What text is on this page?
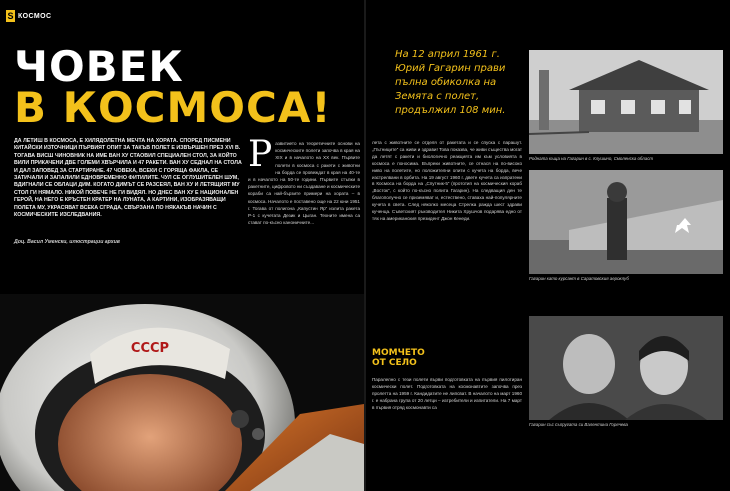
S КОСМОС
ЧОВЕК
В КОСМОСА!

ДА ЛЕТИШ В КОСМОСА, Е ХИЛЯДОЛЕТНА МЕЧТА НА ХОРАТА. СПОРЕД ПИСМЕНИ КИТАЙСКИ ИЗТОЧНИЦИ ПЪРВИЯТ ОПИТ ЗА ТАКЪВ ПОЛЕТ Е ИЗВЪРШЕН ПРЕЗ XVI В. ТОГАВА ВИСШ ЧИНОВНИК НА ИМЕ ВАН ХУ СТАОВИЛ СПЕЦИАЛЕН СТОЛ, ЗА КОЙТО ВИЛИ ПРИКАЧЕНИ ДВЕ ГОЛЕМИ ХВЪРЧИЛА И 47 РАКЕТИ. ВАН ХУ СЕДНАЛ НА СТОЛА И ДАЛ ЗАПОВЕД ЗА СТАРТИРАНЕ. 47 ЧОВЕКА, ВСЕКИ С ГОРЯЩА ФАКЛА, СЕ ЗАТИЧАЛИ И ЗАПАЛИЛИ ЕДНОВРЕМЕННО ФИТИЛИТЕ. ЧУЛ СЕ ОГЛУШИТЕЛЕН ШУМ, ВДИГНАЛИ СЕ ОБЛАЦИ ДИМ. КОГАТО ДИМЪТ СЕ РАЗСЕЯЛ, ВАН ХУ И ЛЕТЯЩИЯТ МУ СТОЛ ГИ НЯМАЛО. НИКОЙ ПОВЕЧЕ НЕ ГИ ВИДЯЛ. НО ДНЕС ВАН ХУ Е НАЦИОНАЛЕН ГЕРОЙ, НА НЕГО Е КРЪСТЕН КРАТЕР НА ЛУНАТА, А КАРТИНИ, ИЗОБРАЗЯВАЩИ ПОЛЕТА МУ, УКРАСЯВАТ ВСЕКА СГРАДА, СВЪРЗАНА ПО НЯКАКЪВ НАЧИН С КОСМИЧЕСКИТЕ ИЗСЛЕДВАНИЯ.

Доц. Васил Уменски, илюстрации архив

Р азвитието на теоретичните основи на космическите полети започва в края на XIX и в началото на XX век. Първите полети в космоса с ракети с животни на борда се провеждат в края на 40-те и в началото на 50-те години. Първите стъпки в ракетните, цифровото ни създаване и космическите кораби са най-бързите примери на хората – в космоса. Началото е поставено още на 22 юни 1951 г. Тогава от полигона „Капустин Яр“ излита ракета Р-1 с кучетата Дезик и Цыган. Техните имена са стават по-късно каноничните...
СССР

На 12 април 1961 г. Юрий Гагарин прави пълна обиколка на Земята с полет, продължил 108 мин.

лета с животните се отделя от ракетата и се спуска с парашут. „Пътниците“ са живи и здрави! Това показва, че живи същества могат да летят с ракети и биологично реакцията им към условията в космоса е поносима. Въпреки животните, се отнася на по-високо ниво на полетите, но положителни опити с кучета на борда, вече изстрелвани в орбита. На 19 август 1960 г. двете кучета са изпратени в Космоса на борда на „Спутник-5“ (прототип на космическия кораб „Восток“, с който по-късно полита Гагарин). На следващия ден те благополучно се приземяват и, естествено, ставаха най-популярните кучета в света. След няколко месеца Стрелка ражда шест здрави кученца. Съветският ръководител Никита Хрушчов подарява едно от тях на американския президент Джон Кенеди.

МОМЧЕТО
ОТ СЕЛО

Паралелно с тези полети върви подготовката на първия пилотиран космически полет. Подготовката на космонавтите започва през пролетта на 1959 г. Кандидатите не липсват. В началото на март 1960 г. е набрана група от 20 летци – изтребители и изпитатели. На 7 март в първия отряд космонавти са

Родната къща на Гагарин в с. Клушино, Смоленска област

Гагарин като курсант в Саратовския аероклуб

Гагарин със съпругата си Валентина Горячева
